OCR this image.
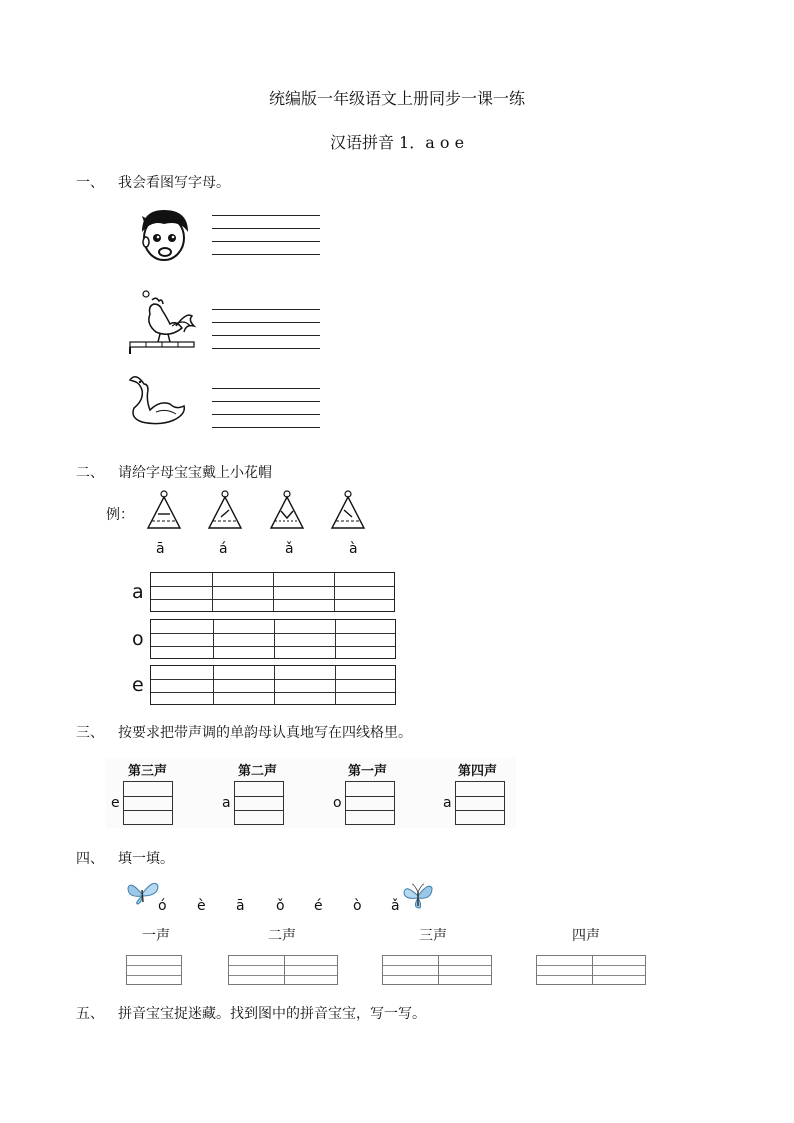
统编版一年级语文上册同步一课一练
汉语拼音 1．a o e
一、 我会看图写字母。
二、 请给字母宝宝戴上小花帽
例：
ā	á	ǎ	à
a
o
e
三、 按要求把带声调的单韵母认真地写在四线格里。
第三声
e
第二声
a
第一声
o
第四声
a
四、 填一填。
ó è ā ǒ é ò ǎ
一声	二声	三声	四声
五、 拼音宝宝捉迷藏。找到图中的拼音宝宝，写一写。
